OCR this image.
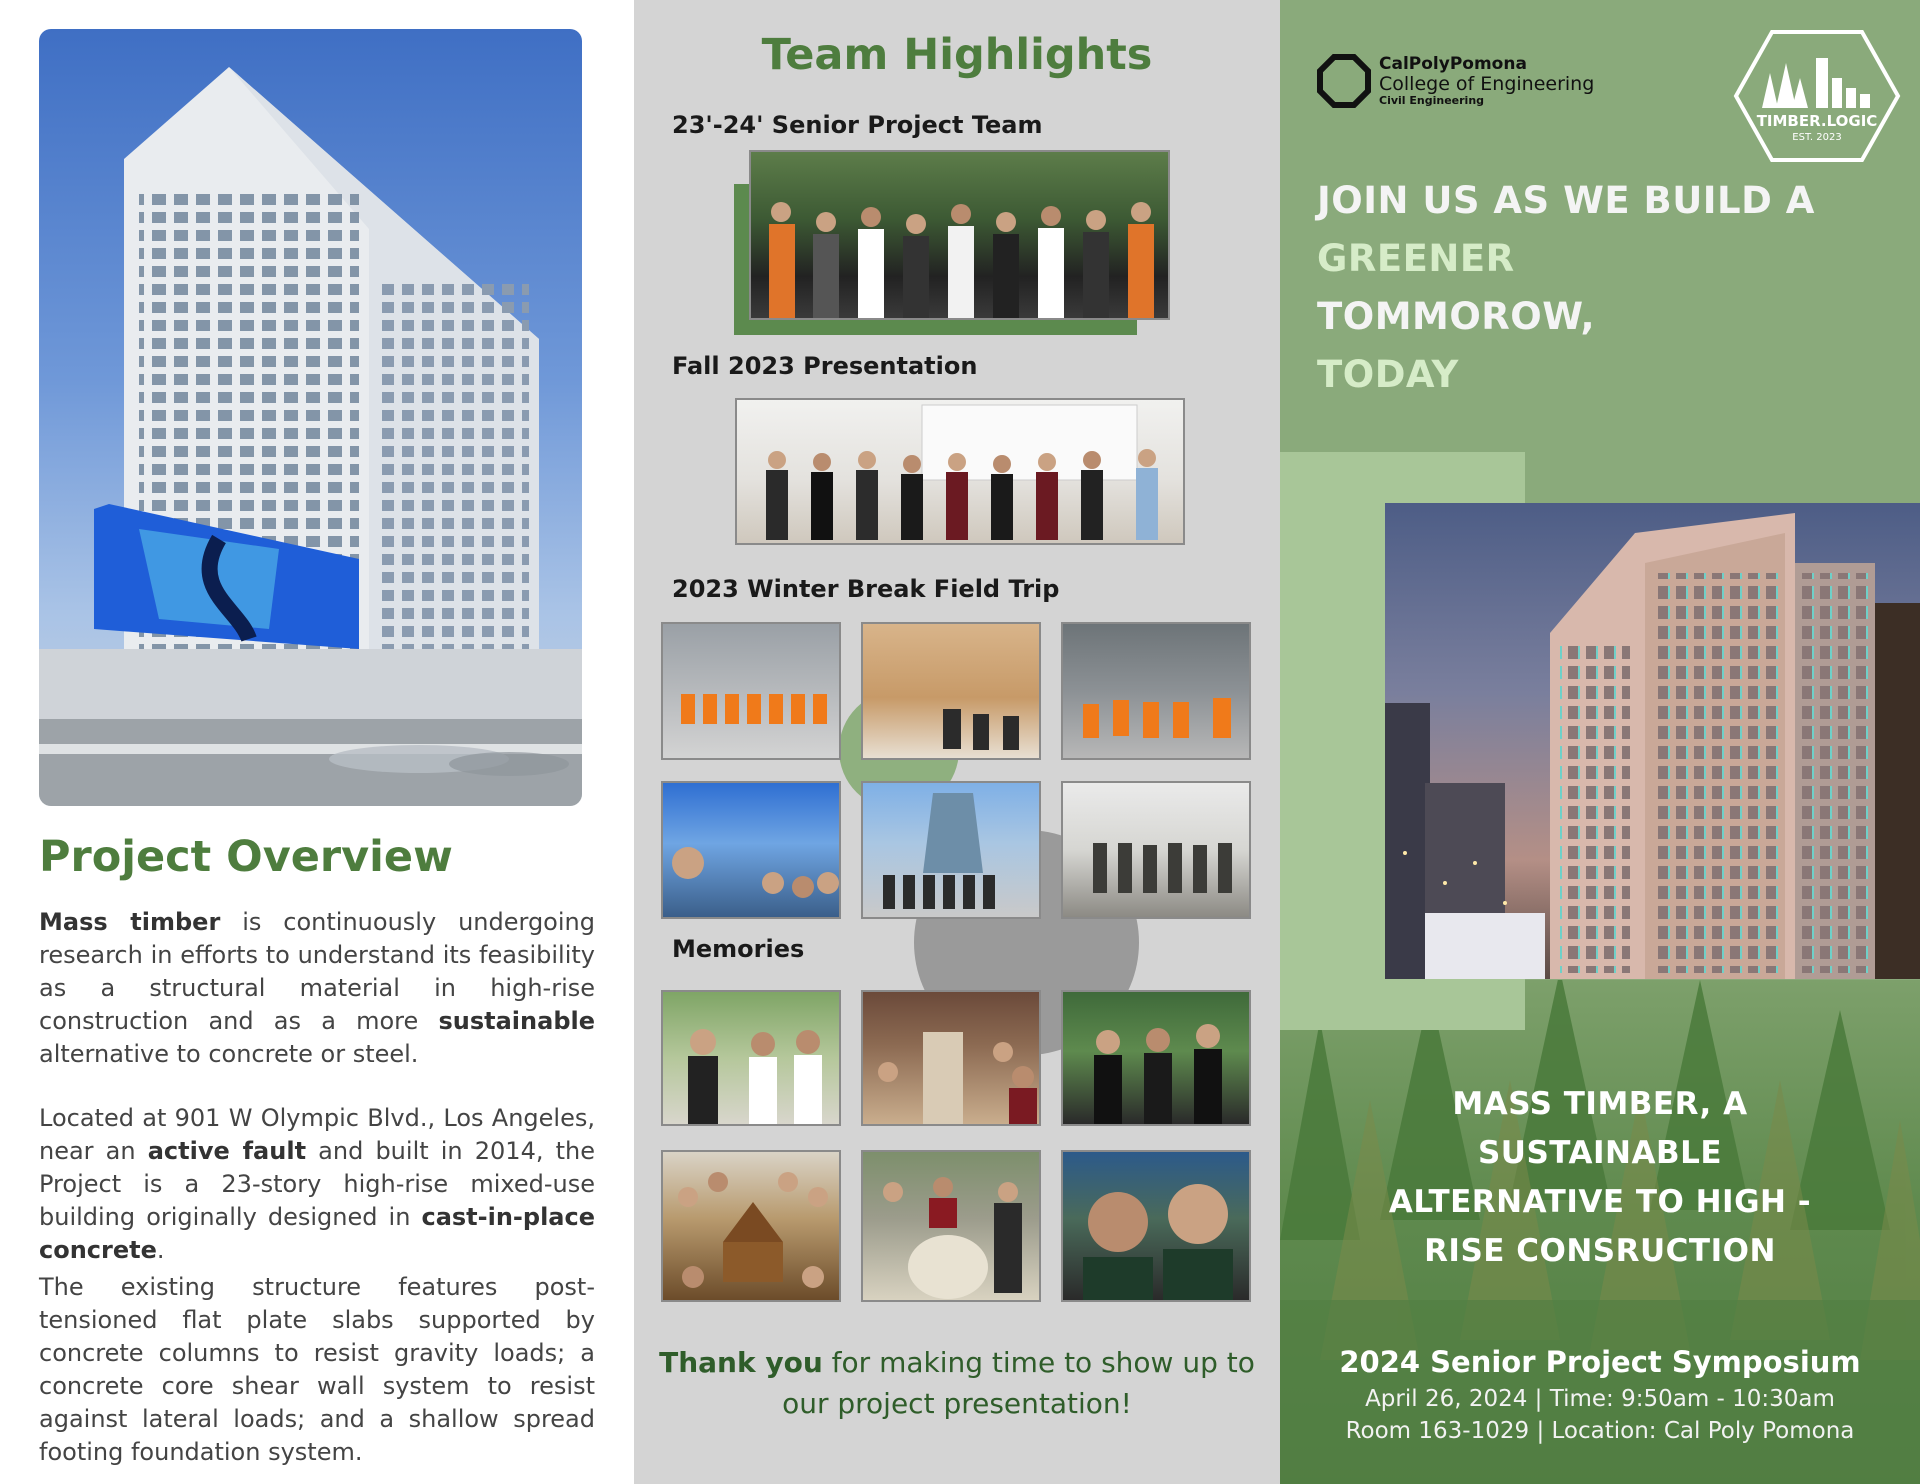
Project Overview

Mass timber is continuously undergoing research in efforts to understand its feasibility as a structural material in high-rise construction and as a more sustainable alternative to concrete or steel.

Located at 901 W Olympic Blvd., Los Angeles, near an active fault and built in 2014, the Project is a 23-story high-rise mixed-use building originally designed in cast-in-place concrete.

The existing structure features post-tensioned flat plate slabs supported by concrete columns to resist gravity loads; a concrete core shear wall system to resist against lateral loads; and a shallow spread footing foundation system.

Team Highlights
23'-24' Senior Project Team
Fall 2023 Presentation
2023 Winter Break Field Trip
Memories
Thank you for making time to show up to
our project presentation!
CalPolyPomona
College of Engineering
Civil Engineering
TIMBER.LOGIC
EST. 2023
JOIN US AS WE BUILD A
GREENER
TOMMOROW,
TODAY
MASS TIMBER, A
SUSTAINABLE
ALTERNATIVE TO HIGH -
RISE CONSRUCTION
2024 Senior Project Symposium
April 26, 2024 | Time: 9:50am - 10:30am
Room 163-1029 | Location: Cal Poly Pomona
